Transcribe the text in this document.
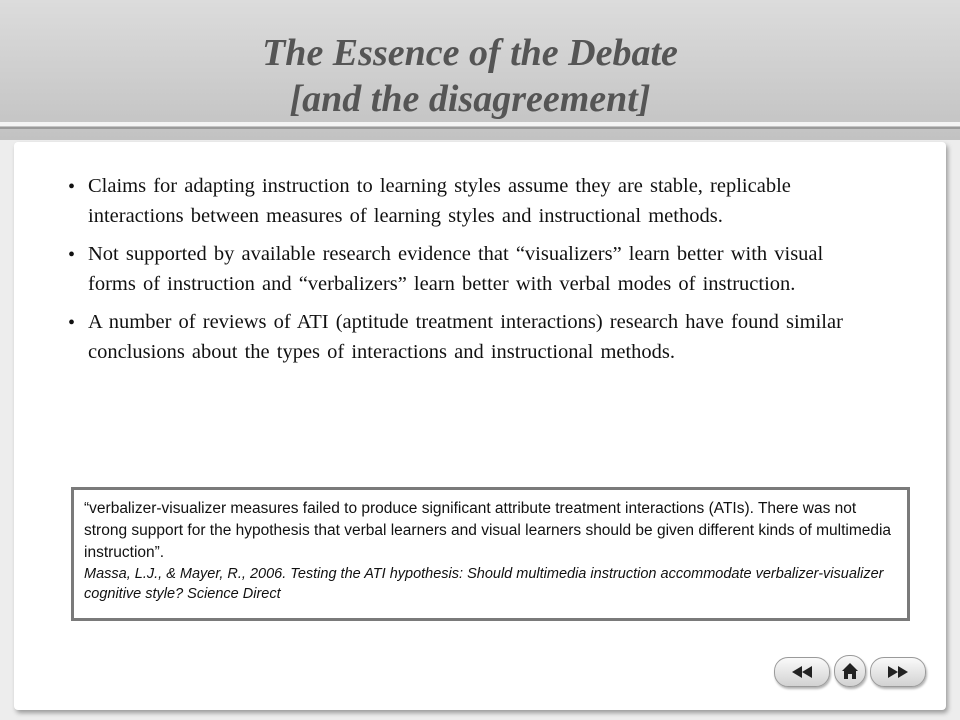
The Essence of the Debate
[and the disagreement]
• Claims for adapting instruction to learning styles assume they are stable, replicable interactions between measures of learning styles and instructional methods.
• Not supported by available research evidence that “visualizers” learn better with visual forms of instruction and “verbalizers” learn better with verbal modes of instruction.
• A number of reviews of ATI (aptitude treatment interactions) research have found similar conclusions about the types of interactions and instructional methods.
“verbalizer-visualizer measures failed to produce significant attribute treatment interactions (ATIs). There was not strong support for the hypothesis that verbal learners and visual learners should be given different kinds of multimedia instruction”.
Massa, L.J., & Mayer, R., 2006. Testing the ATI hypothesis: Should multimedia instruction accommodate verbalizer-visualizer cognitive style? Science Direct
